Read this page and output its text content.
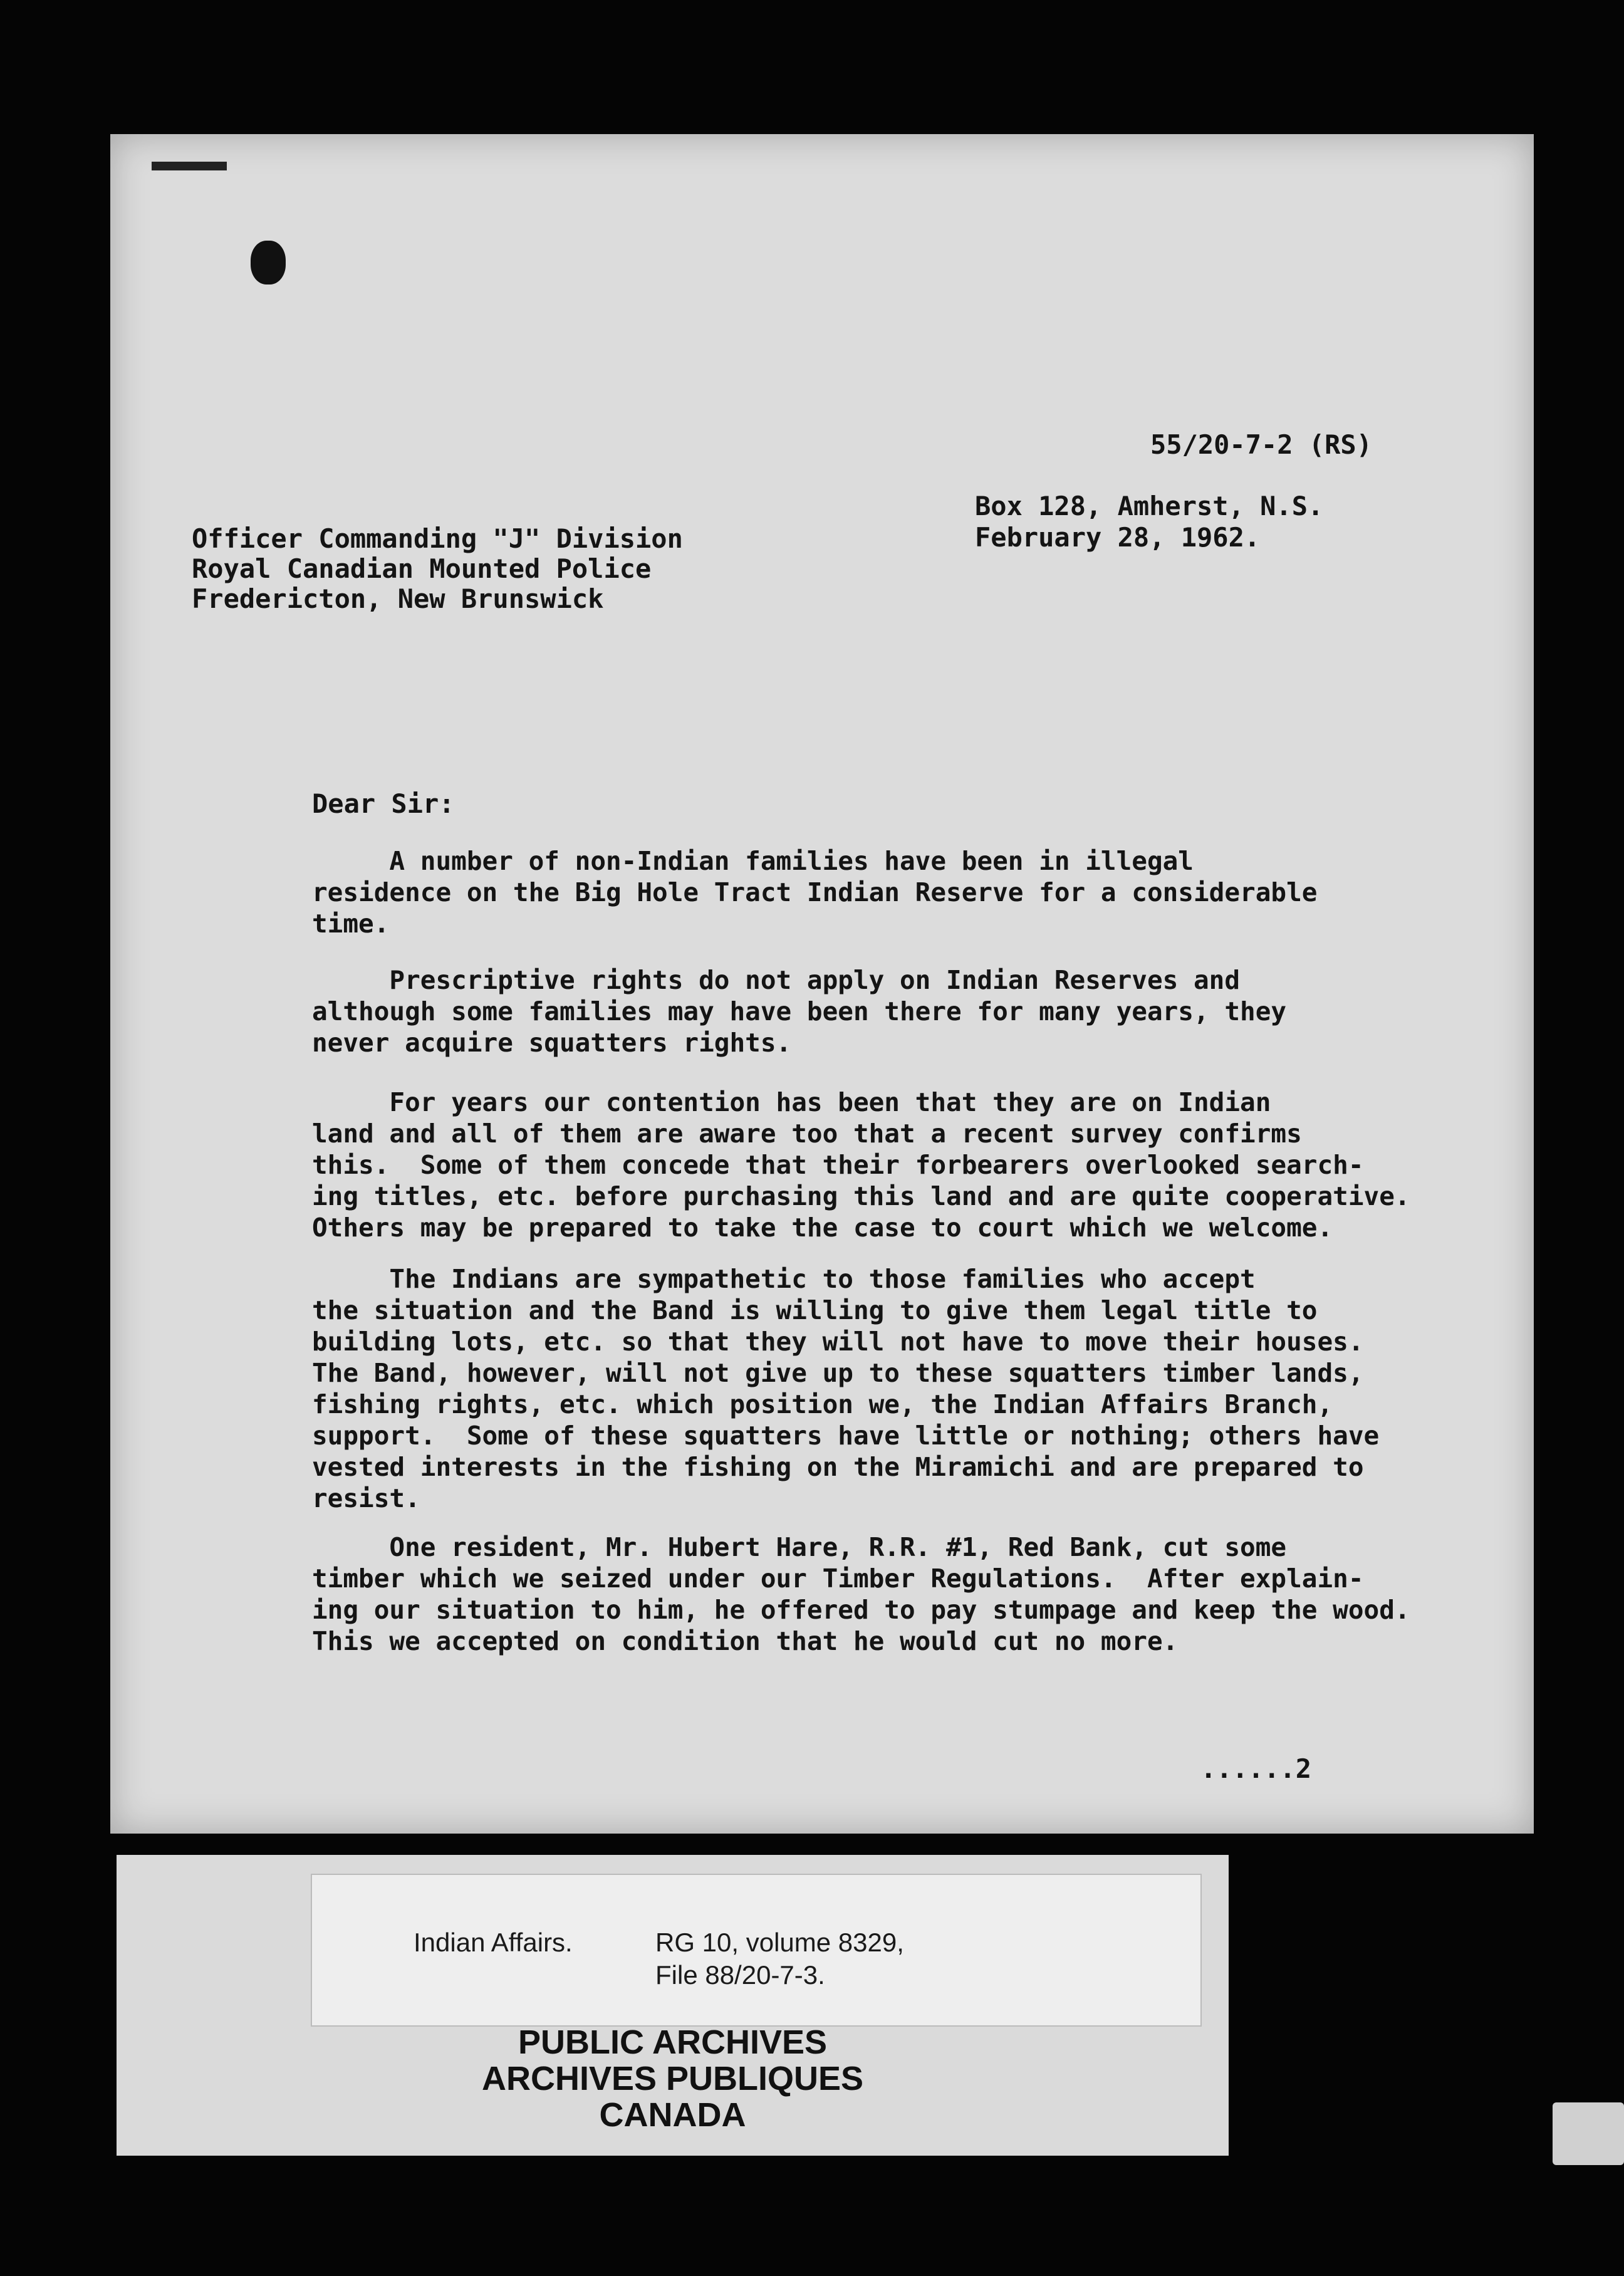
55/20-7-2 (RS)
Box 128, Amherst, N.S.
February 28, 1962.
Officer Commanding "J" Division
Royal Canadian Mounted Police
Fredericton, New Brunswick
Dear Sir:
A number of non-Indian families have been in illegal
residence on the Big Hole Tract Indian Reserve for a considerable
time.
Prescriptive rights do not apply on Indian Reserves and
although some families may have been there for many years, they
never acquire squatters rights.
For years our contention has been that they are on Indian
land and all of them are aware too that a recent survey confirms
this.  Some of them concede that their forbearers overlooked search-
ing titles, etc. before purchasing this land and are quite cooperative.
Others may be prepared to take the case to court which we welcome.
The Indians are sympathetic to those families who accept
the situation and the Band is willing to give them legal title to
building lots, etc. so that they will not have to move their houses.
The Band, however, will not give up to these squatters timber lands,
fishing rights, etc. which position we, the Indian Affairs Branch,
support.  Some of these squatters have little or nothing; others have
vested interests in the fishing on the Miramichi and are prepared to
resist.
One resident, Mr. Hubert Hare, R.R. #1, Red Bank, cut some
timber which we seized under our Timber Regulations.  After explain-
ing our situation to him, he offered to pay stumpage and keep the wood.
This we accepted on condition that he would cut no more.
......2
Indian Affairs.	RG 10, volume 8329,
File 88/20-7-3.
PUBLIC ARCHIVES
ARCHIVES PUBLIQUES
CANADA
